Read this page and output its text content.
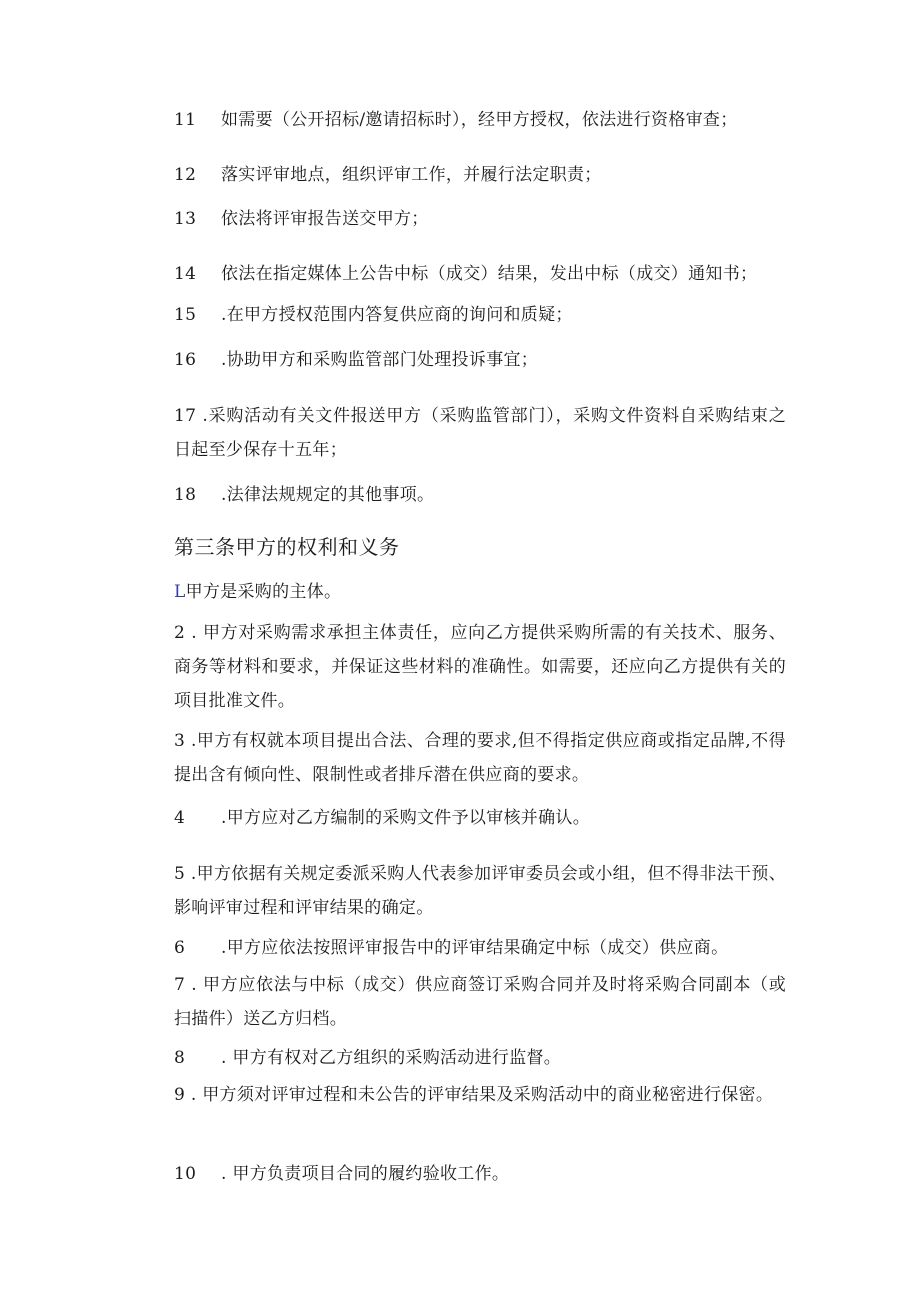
11 如需要（公开招标/邀请招标时），经甲方授权，依法进行资格审查；
12 落实评审地点，组织评审工作，并履行法定职责；
13 依法将评审报告送交甲方；
14 依法在指定媒体上公告中标（成交）结果，发出中标（成交）通知书；
15 .在甲方授权范围内答复供应商的询问和质疑；
16 .协助甲方和采购监管部门处理投诉事宜；
17 .采购活动有关文件报送甲方（采购监管部门），采购文件资料自采购结束之日起至少保存十五年；
18 .法律法规规定的其他事项。
第三条甲方的权利和义务
L甲方是采购的主体。
2 . 甲方对采购需求承担主体责任，应向乙方提供采购所需的有关技术、服务、商务等材料和要求，并保证这些材料的准确性。如需要，还应向乙方提供有关的项目批准文件。
3 .甲方有权就本项目提出合法、合理的要求,但不得指定供应商或指定品牌,不得提出含有倾向性、限制性或者排斥潜在供应商的要求。
4 .甲方应对乙方编制的采购文件予以审核并确认。
5 .甲方依据有关规定委派采购人代表参加评审委员会或小组，但不得非法干预、影响评审过程和评审结果的确定。
6 .甲方应依法按照评审报告中的评审结果确定中标（成交）供应商。
7 . 甲方应依法与中标（成交）供应商签订采购合同并及时将采购合同副本（或扫描件）送乙方归档。
8 . 甲方有权对乙方组织的采购活动进行监督。
9 . 甲方须对评审过程和未公告的评审结果及采购活动中的商业秘密进行保密。
10 . 甲方负责项目合同的履约验收工作。
